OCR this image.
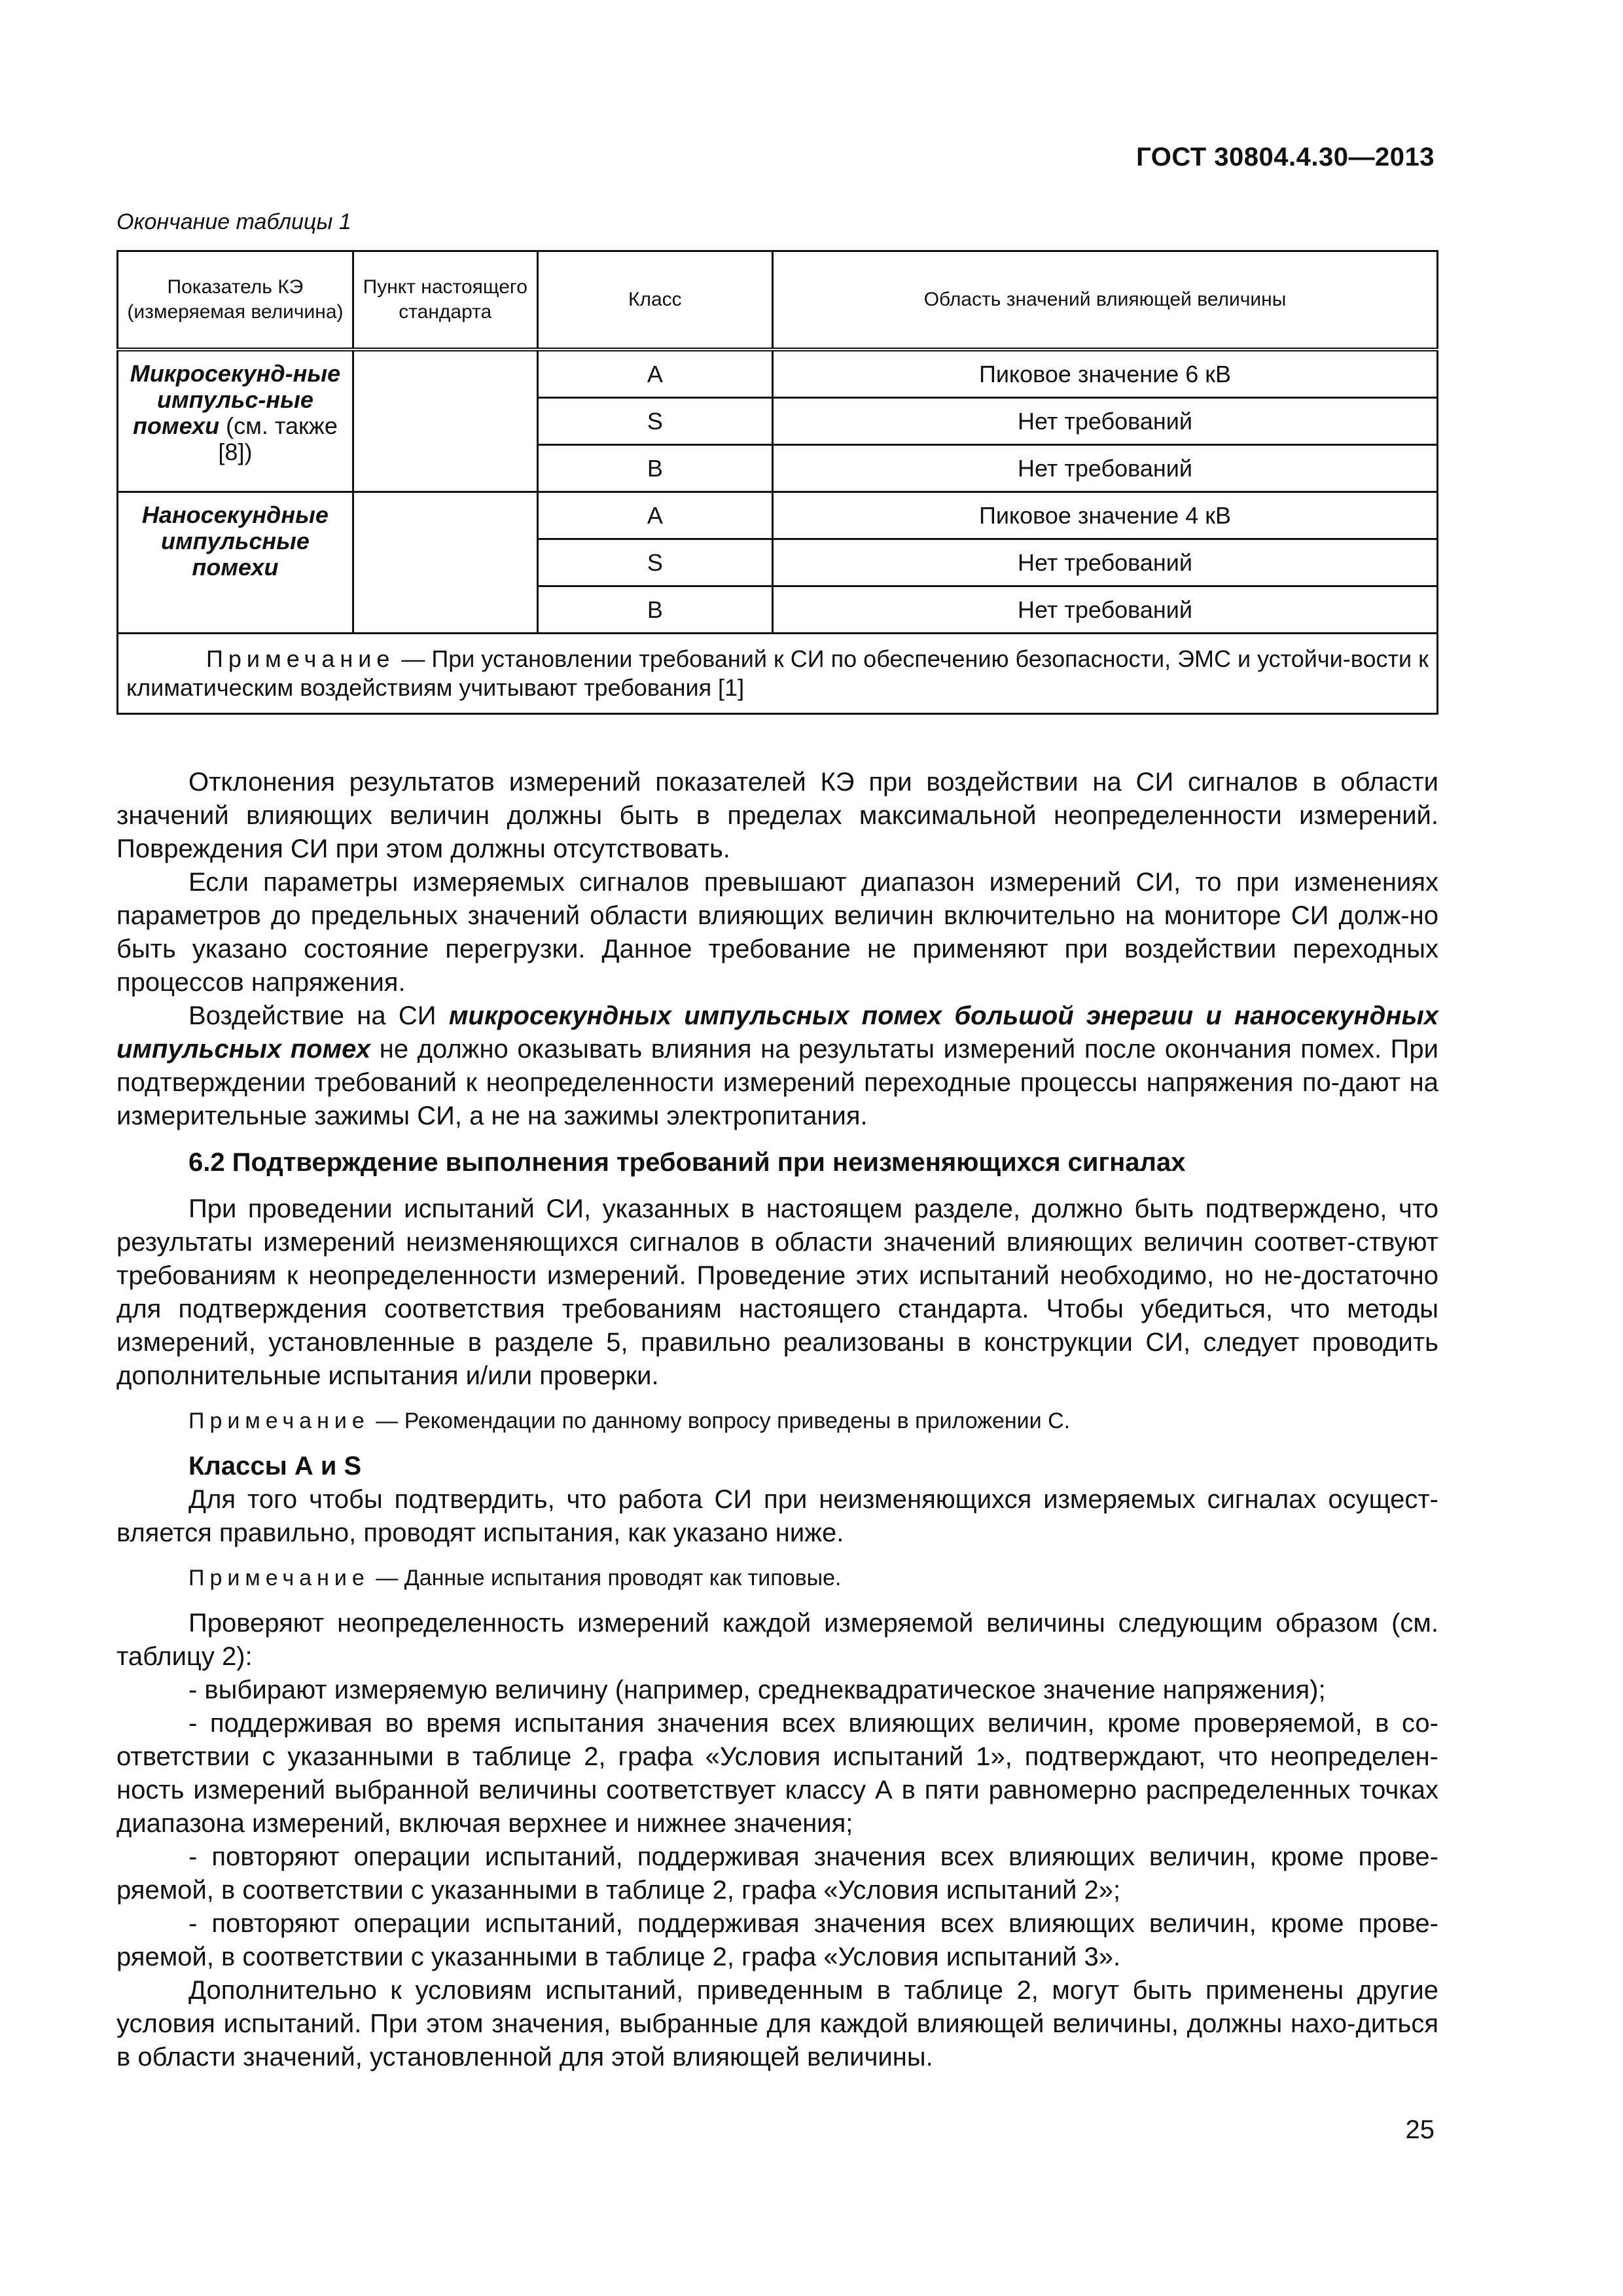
ГОСТ 30804.4.30—2013
Окончание таблицы 1
Показатель КЭ (измеряемая величина)	Пункт настоящего стандарта	Класс	Область значений влияющей величины
Микросекунд-ные импульс-ные помехи (см. также [8])		A	Пиковое значение 6 кВ
		S	Нет требований
		B	Нет требований
Наносекундные импульсные помехи		A	Пиковое значение 4 кВ
		S	Нет требований
		B	Нет требований
Примечание — При установлении требований к СИ по обеспечению безопасности, ЭМС и устойчи-вости к климатическим воздействиям учитывают требования [1]			

Отклонения результатов измерений показателей КЭ при воздействии на СИ сигналов в области значений влияющих величин должны быть в пределах максимальной неопределенности измерений. Повреждения СИ при этом должны отсутствовать.

Если параметры измеряемых сигналов превышают диапазон измерений СИ, то при изменениях параметров до предельных значений области влияющих величин включительно на мониторе СИ долж-но быть указано состояние перегрузки. Данное требование не применяют при воздействии переходных процессов напряжения.

Воздействие на СИ микросекундных импульсных помех большой энергии и наносекундных импульсных помех не должно оказывать влияния на результаты измерений после окончания помех. При подтверждении требований к неопределенности измерений переходные процессы напряжения по-дают на измерительные зажимы СИ, а не на зажимы электропитания.

6.2 Подтверждение выполнения требований при неизменяющихся сигналах

При проведении испытаний СИ, указанных в настоящем разделе, должно быть подтверждено, что результаты измерений неизменяющихся сигналов в области значений влияющих величин соответ-ствуют требованиям к неопределенности измерений. Проведение этих испытаний необходимо, но не-достаточно для подтверждения соответствия требованиям настоящего стандарта. Чтобы убедиться, что методы измерений, установленные в разделе 5, правильно реализованы в конструкции СИ, следует проводить дополнительные испытания и/или проверки.

Примечание — Рекомендации по данному вопросу приведены в приложении С.
Классы А и S

Для того чтобы подтвердить, что работа СИ при неизменяющихся измеряемых сигналах осущест-вляется правильно, проводят испытания, как указано ниже.

Примечание — Данные испытания проводят как типовые.

Проверяют неопределенность измерений каждой измеряемой величины следующим образом (см. таблицу 2):

- выбирают измеряемую величину (например, среднеквадратическое значение напряжения);

- поддерживая во время испытания значения всех влияющих величин, кроме проверяемой, в со-ответствии с указанными в таблице 2, графа «Условия испытаний 1», подтверждают, что неопределен-ность измерений выбранной величины соответствует классу А в пяти равномерно распределенных точках диапазона измерений, включая верхнее и нижнее значения;

- повторяют операции испытаний, поддерживая значения всех влияющих величин, кроме прове-ряемой, в соответствии с указанными в таблице 2, графа «Условия испытаний 2»;

- повторяют операции испытаний, поддерживая значения всех влияющих величин, кроме прове-ряемой, в соответствии с указанными в таблице 2, графа «Условия испытаний 3».

Дополнительно к условиям испытаний, приведенным в таблице 2, могут быть применены другие условия испытаний. При этом значения, выбранные для каждой влияющей величины, должны нахо-диться в области значений, установленной для этой влияющей величины.

25
